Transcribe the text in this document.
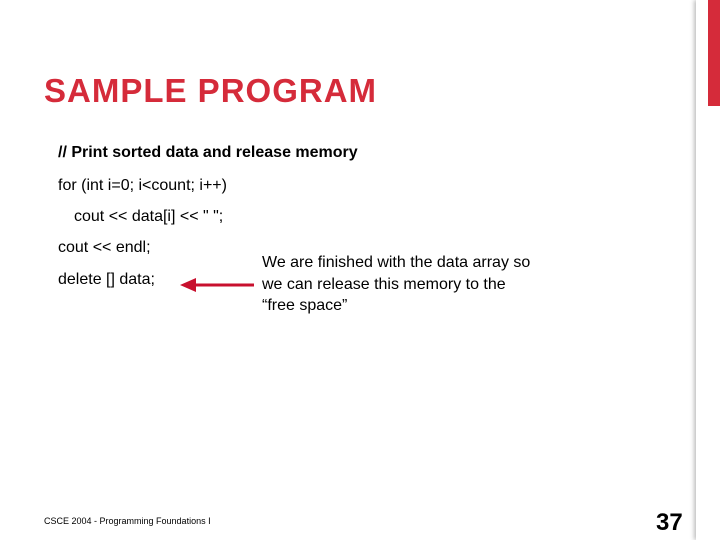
SAMPLE PROGRAM
// Print sorted data and release memory
for (int i=0; i<count; i++)
cout << data[i] << " ";
cout << endl;
delete [] data;
We are finished with the data array so we can release this memory to the “free space”
CSCE 2004 - Programming Foundations I	37
